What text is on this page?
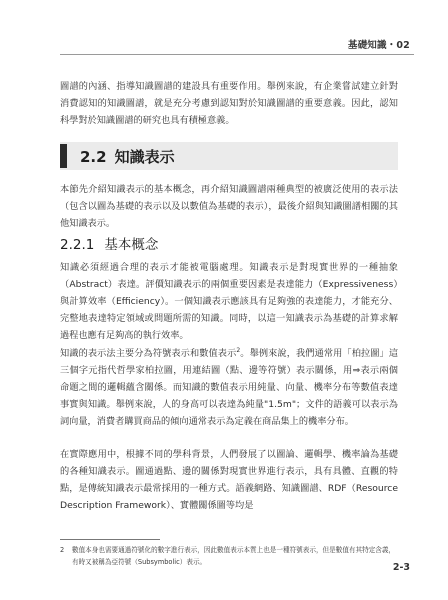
基礎知識・02

圖譜的內涵、指導知識圖譜的建設具有重要作用。舉例來說，有企業嘗試建立針對消費認知的知識圖譜，就是充分考慮到認知對於知識圖譜的重要意義。因此，認知科學對於知識圖譜的研究也具有積極意義。

2.2 知識表示

本節先介紹知識表示的基本概念，再介紹知識圖譜兩種典型的被廣泛使用的表示法（包含以圖為基礎的表示以及以數值為基礎的表示），最後介紹與知識圖譜相關的其他知識表示。

2.2.1 基本概念

知識必須經過合理的表示才能被電腦處理。知識表示是對現實世界的一種抽象（Abstract）表達。評價知識表示的兩個重要因素是表達能力（Expressiveness）與計算效率（Efficiency）。一個知識表示應該具有足夠強的表達能力，才能充分、完整地表達特定領域或問題所需的知識。同時，以這一知識表示為基礎的計算求解過程也應有足夠高的執行效率。

知識的表示法主要分為符號表示和數值表示$^2$。舉例來說，我們通常用「柏拉圖」這三個字元指代哲學家柏拉圖，用連結圖（點、邊等符號）表示關係，用⇒表示兩個命題之間的邏輯蘊含關係。而知識的數值表示用純量、向量、機率分布等數值表達事實與知識。舉例來說，人的身高可以表達為純量"1.5m"；文件的語義可以表示為詞向量，消費者購買商品的傾向通常表示為定義在商品集上的機率分布。

在實際應用中，根據不同的學科背景，人們發展了以圖論、邏輯學、機率論為基礎的各種知識表示。圖通過點、邊的關係對現實世界進行表示，具有具體、直觀的特點，是傳統知識表示最常採用的一種方式。語義網路、知識圖譜、RDF（Resource Description Framework）、實體關係圖等均是

2 數值本身也需要通過符號化的數字進行表示，因此數值表示本質上也是一種符號表示，但是數值有其特定含義，有時又被稱為亞符號（Subsymbolic）表示。	2-3
